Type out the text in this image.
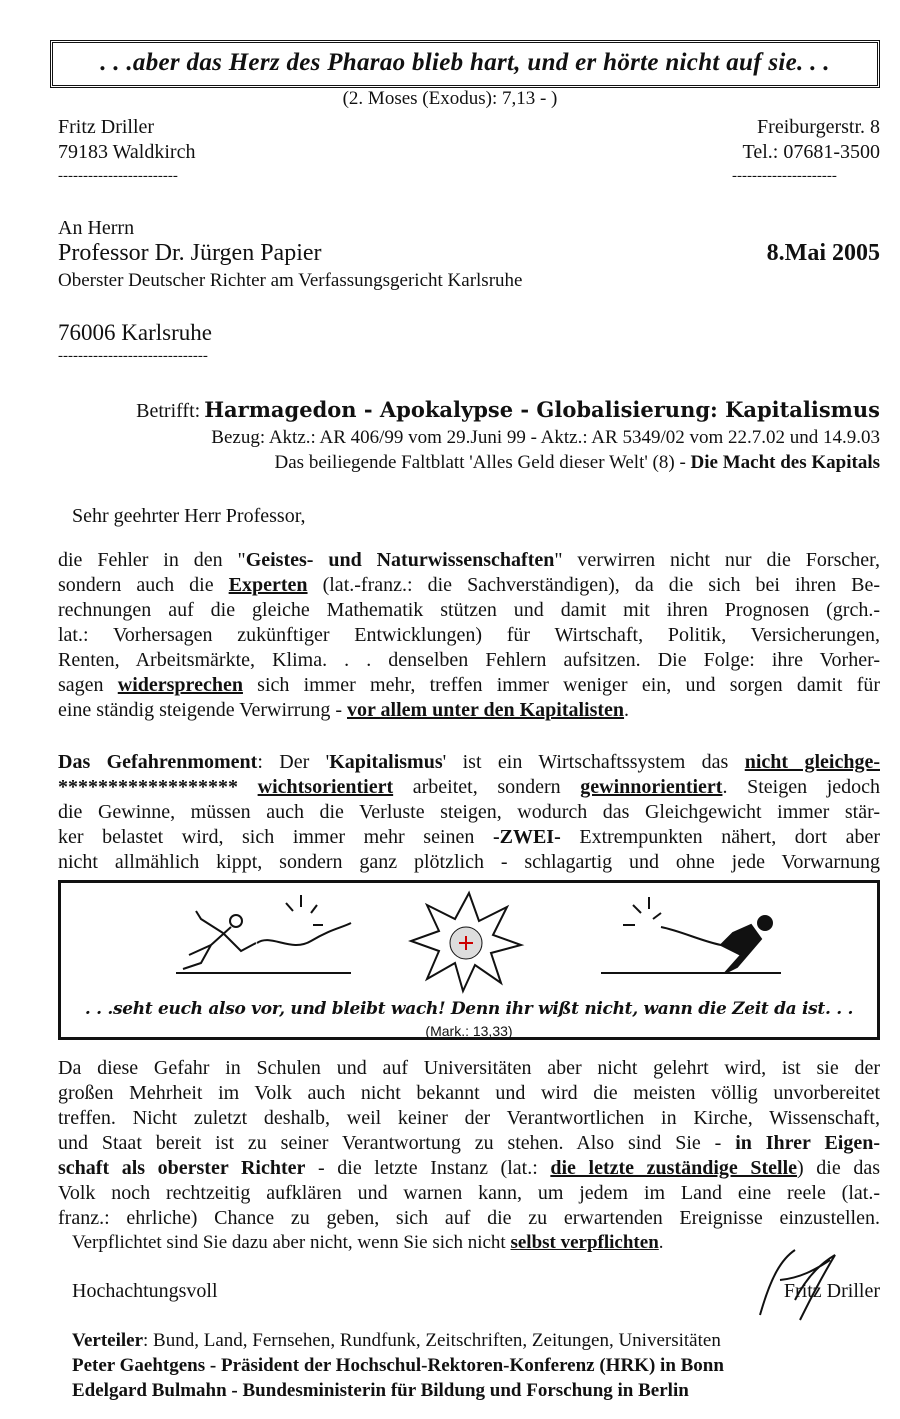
. . .aber das Herz des Pharao blieb hart, und er hörte nicht auf sie. . .
(2. Moses (Exodus): 7,13 - )
Fritz Driller
79183 Waldkirch
------------------------
Freiburgerstr. 8
Tel.: 07681-3500
---------------------
An Herrn
Professor Dr. Jürgen Papier	8.Mai 2005
Oberster Deutscher Richter am Verfassungsgericht Karlsruhe
76006 Karlsruhe
------------------------------
Betrifft: Harmagedon - Apokalypse - Globalisierung: Kapitalismus
Bezug: Aktz.: AR 406/99 vom 29.Juni 99 - Aktz.: AR 5349/02 vom 22.7.02 und 14.9.03
Das beiliegende Faltblatt 'Alles Geld dieser Welt' (8) - Die Macht des Kapitals
Sehr geehrter Herr Professor,
die Fehler in den "Geistes- und Naturwissenschaften" verwirren nicht nur die Forscher,
sondern auch die Experten (lat.-franz.: die Sachverständigen), da die sich bei ihren Be-
rechnungen auf die gleiche Mathematik stützen und damit mit ihren Prognosen (grch.-
lat.: Vorhersagen zukünftiger Entwicklungen) für Wirtschaft, Politik, Versicherungen,
Renten, Arbeitsmärkte, Klima. . . denselben Fehlern aufsitzen. Die Folge: ihre Vorher-
sagen widersprechen sich immer mehr, treffen immer weniger ein, und sorgen damit für
eine ständig steigende Verwirrung - vor allem unter den Kapitalisten.
Das Gefahrenmoment: Der 'Kapitalismus' ist ein Wirtschaftssystem das nicht gleichge-
****************** wichtsorientiert arbeitet, sondern gewinnorientiert. Steigen jedoch
die Gewinne, müssen auch die Verluste steigen, wodurch das Gleichgewicht immer stär-
ker belastet wird, sich immer mehr seinen -ZWEI- Extrempunkten nähert, dort aber
nicht allmählich kippt, sondern ganz plötzlich - schlagartig und ohne jede Vorwarnung
. . .seht euch also vor, und bleibt wach! Denn ihr wißt nicht, wann die Zeit da ist. . .
(Mark.: 13,33)
Da diese Gefahr in Schulen und auf Universitäten aber nicht gelehrt wird, ist sie der
großen Mehrheit im Volk auch nicht bekannt und wird die meisten völlig unvorbereitet
treffen. Nicht zuletzt deshalb, weil keiner der Verantwortlichen in Kirche, Wissenschaft,
und Staat bereit ist zu seiner Verantwortung zu stehen. Also sind Sie - in Ihrer Eigen-
schaft als oberster Richter - die letzte Instanz (lat.: die letzte zuständige Stelle) die das
Volk noch rechtzeitig aufklären und warnen kann, um jedem im Land eine reele (lat.-
franz.: ehrliche) Chance zu geben, sich auf die zu erwartenden Ereignisse einzustellen.
Verpflichtet sind Sie dazu aber nicht, wenn Sie sich nicht selbst verpflichten.
Hochachtungsvoll	Fritz Driller
Verteiler: Bund, Land, Fernsehen, Rundfunk, Zeitschriften, Zeitungen, Universitäten
Peter Gaehtgens - Präsident der Hochschul-Rektoren-Konferenz (HRK) in Bonn
Edelgard Bulmahn - Bundesministerin für Bildung und Forschung in Berlin
